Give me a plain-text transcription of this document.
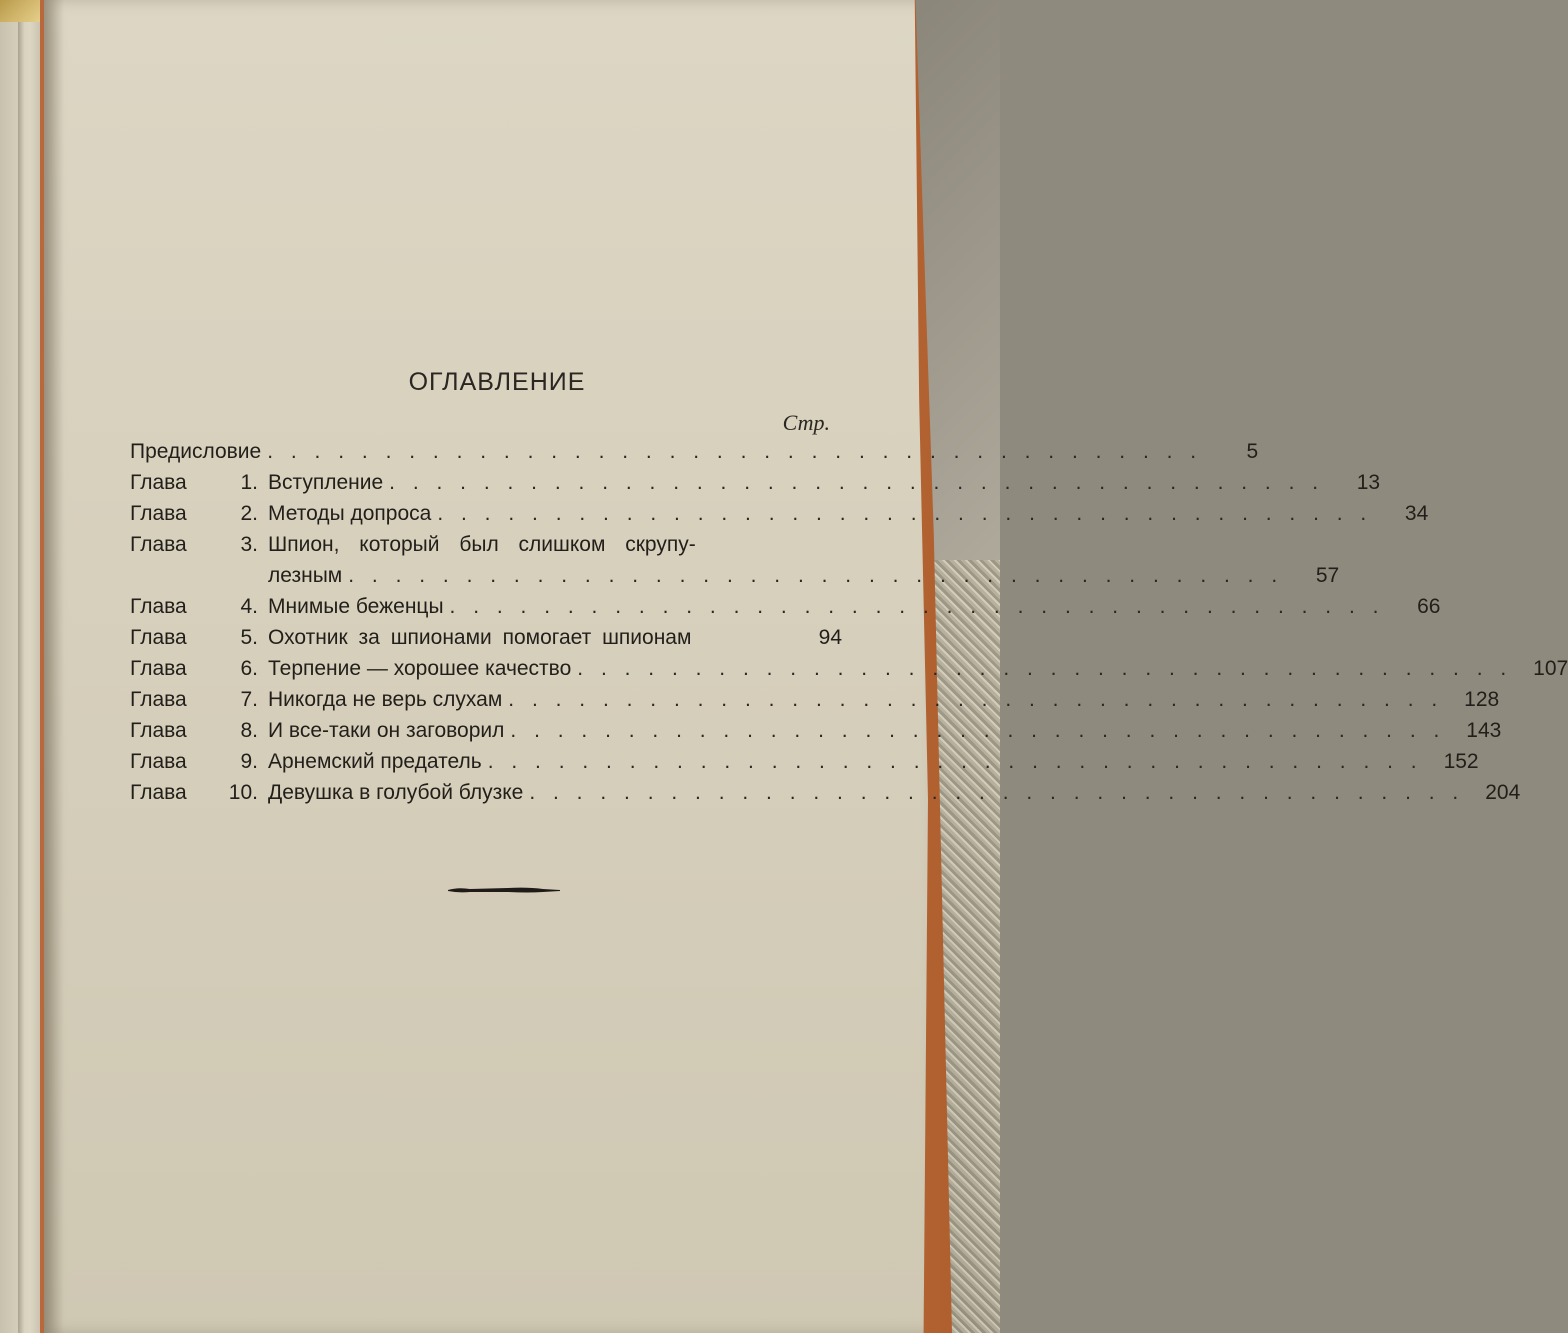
ОГЛАВЛЕНИЕ
Стр.
Предисловие . . . . . . . . . . . . . . . . . . . . . . . . . . . . . . . . . . . . . . . .	5
Глава	1. Вступление . . . . . . . . . . . . . . . . . . . . . . . . . . . . . . . . . . . . . . . .	13
Глава	2. Методы допроса . . . . . . . . . . . . . . . . . . . . . . . . . . . . . . . . . . . . . . . .	34
Глава	3. Шпион, который был слишком скрупу-
лезным . . . . . . . . . . . . . . . . . . . . . . . . . . . . . . . . . . . . . . . .	57
Глава	4. Мнимые беженцы . . . . . . . . . . . . . . . . . . . . . . . . . . . . . . . . . . . . . . . .	66
Глава	5. Охотник за шпионами помогает шпионам	94
Глава	6. Терпение — хорошее качество . . . . . . . . . . . . . . . . . . . . . . . . . . . . . . . . . . . . . . . . 107
Глава	7. Никогда не верь слухам . . . . . . . . . . . . . . . . . . . . . . . . . . . . . . . . . . . . . . . . 128
Глава	8. И все-таки он заговорил . . . . . . . . . . . . . . . . . . . . . . . . . . . . . . . . . . . . . . . . 143
Глава	9. Арнемский предатель . . . . . . . . . . . . . . . . . . . . . . . . . . . . . . . . . . . . . . . . 152
Глава	10. Девушка в голубой блузке . . . . . . . . . . . . . . . . . . . . . . . . . . . . . . . . . . . . . . . . 204
